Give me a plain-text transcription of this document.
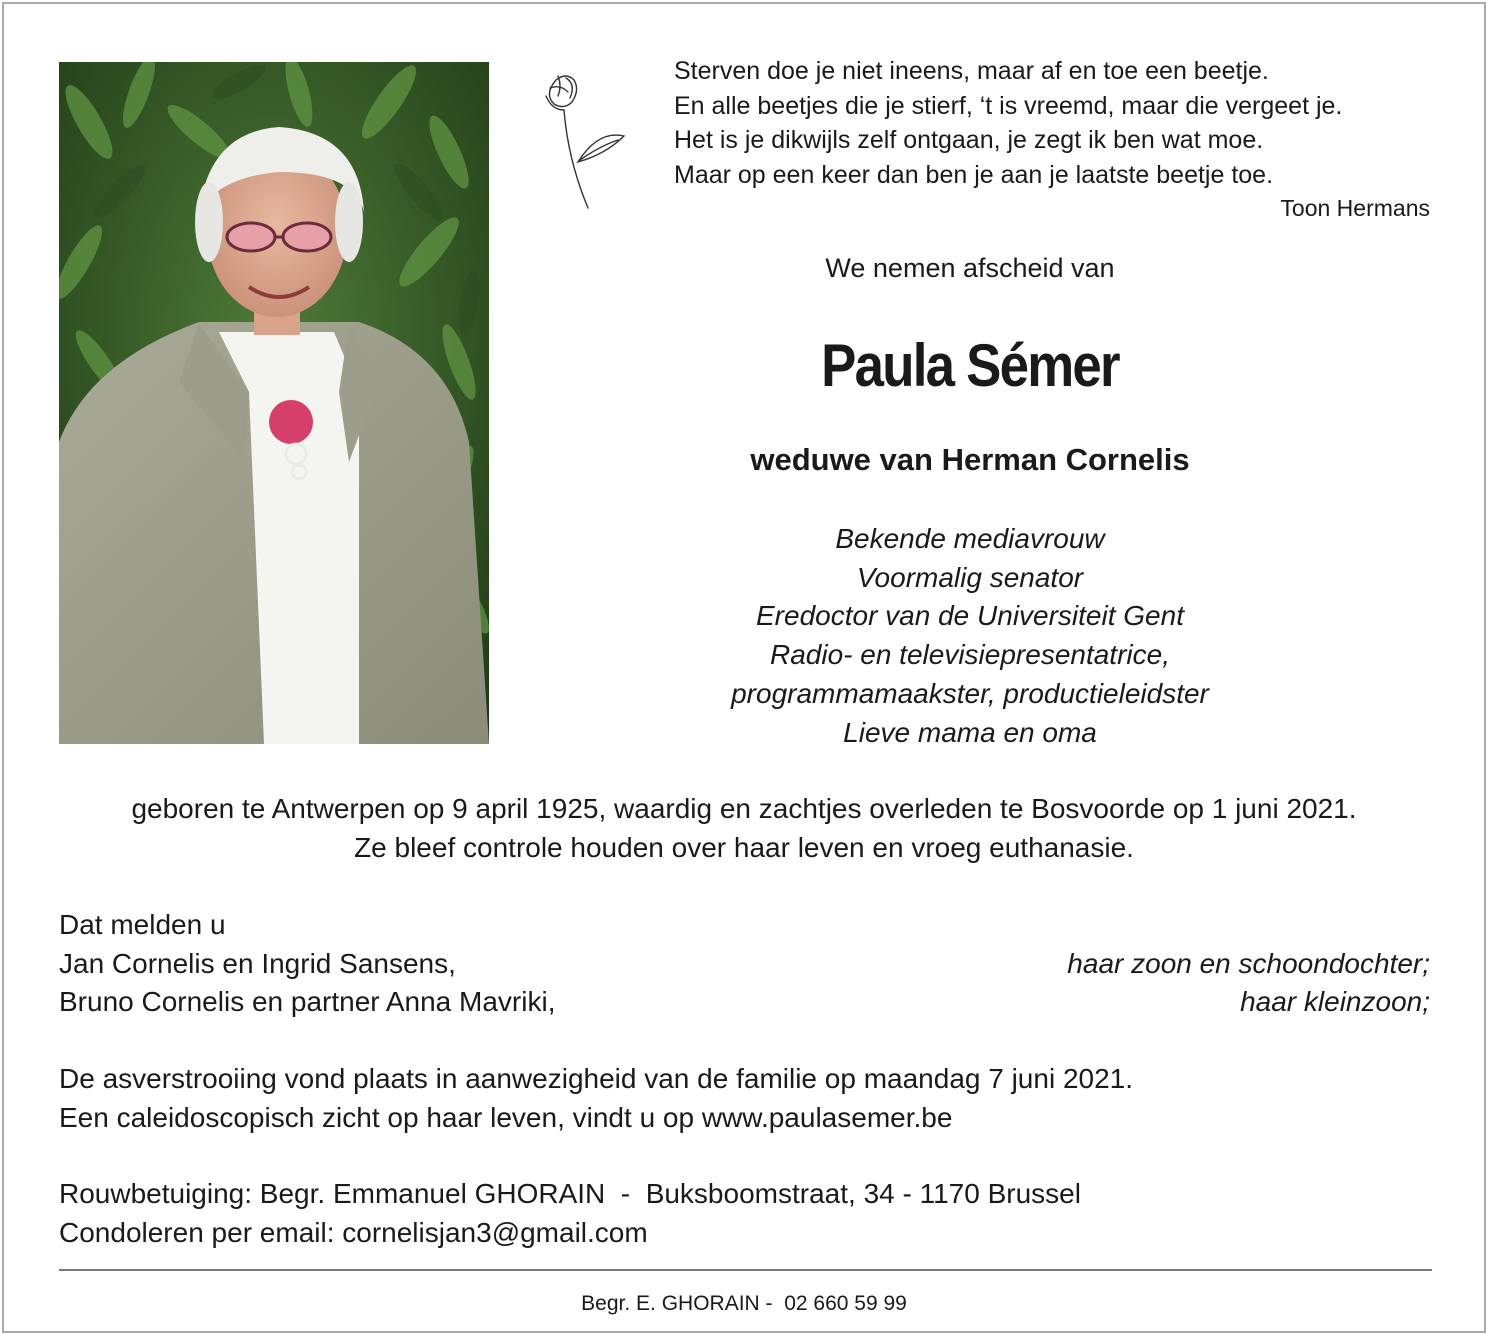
Sterven doe je niet ineens, maar af en toe een beetje.
En alle beetjes die je stierf, ‘t is vreemd, maar die vergeet je.
Het is je dikwijls zelf ontgaan, je zegt ik ben wat moe.
Maar op een keer dan ben je aan je laatste beetje toe.
Toon Hermans
We nemen afscheid van
Paula Sémer
weduwe van Herman Cornelis
Bekende mediavrouw
Voormalig senator
Eredoctor van de Universiteit Gent
Radio- en televisiepresentatrice,
programmamaakster, productieleidster
Lieve mama en oma
geboren te Antwerpen op 9 april 1925, waardig en zachtjes overleden te Bosvoorde op 1 juni 2021.
Ze bleef controle houden over haar leven en vroeg euthanasie.
Dat melden u
Jan Cornelis en Ingrid Sansens,	haar zoon en schoondochter;
Bruno Cornelis en partner Anna Mavriki,	haar kleinzoon;
De asverstrooiing vond plaats in aanwezigheid van de familie op maandag 7 juni 2021.
Een caleidoscopisch zicht op haar leven, vindt u op www.paulasemer.be
Rouwbetuiging: Begr. Emmanuel GHORAIN  -  Buksboomstraat, 34 - 1170 Brussel
Condoleren per email: cornelisjan3@gmail.com
Begr. E. GHORAIN -  02 660 59 99
